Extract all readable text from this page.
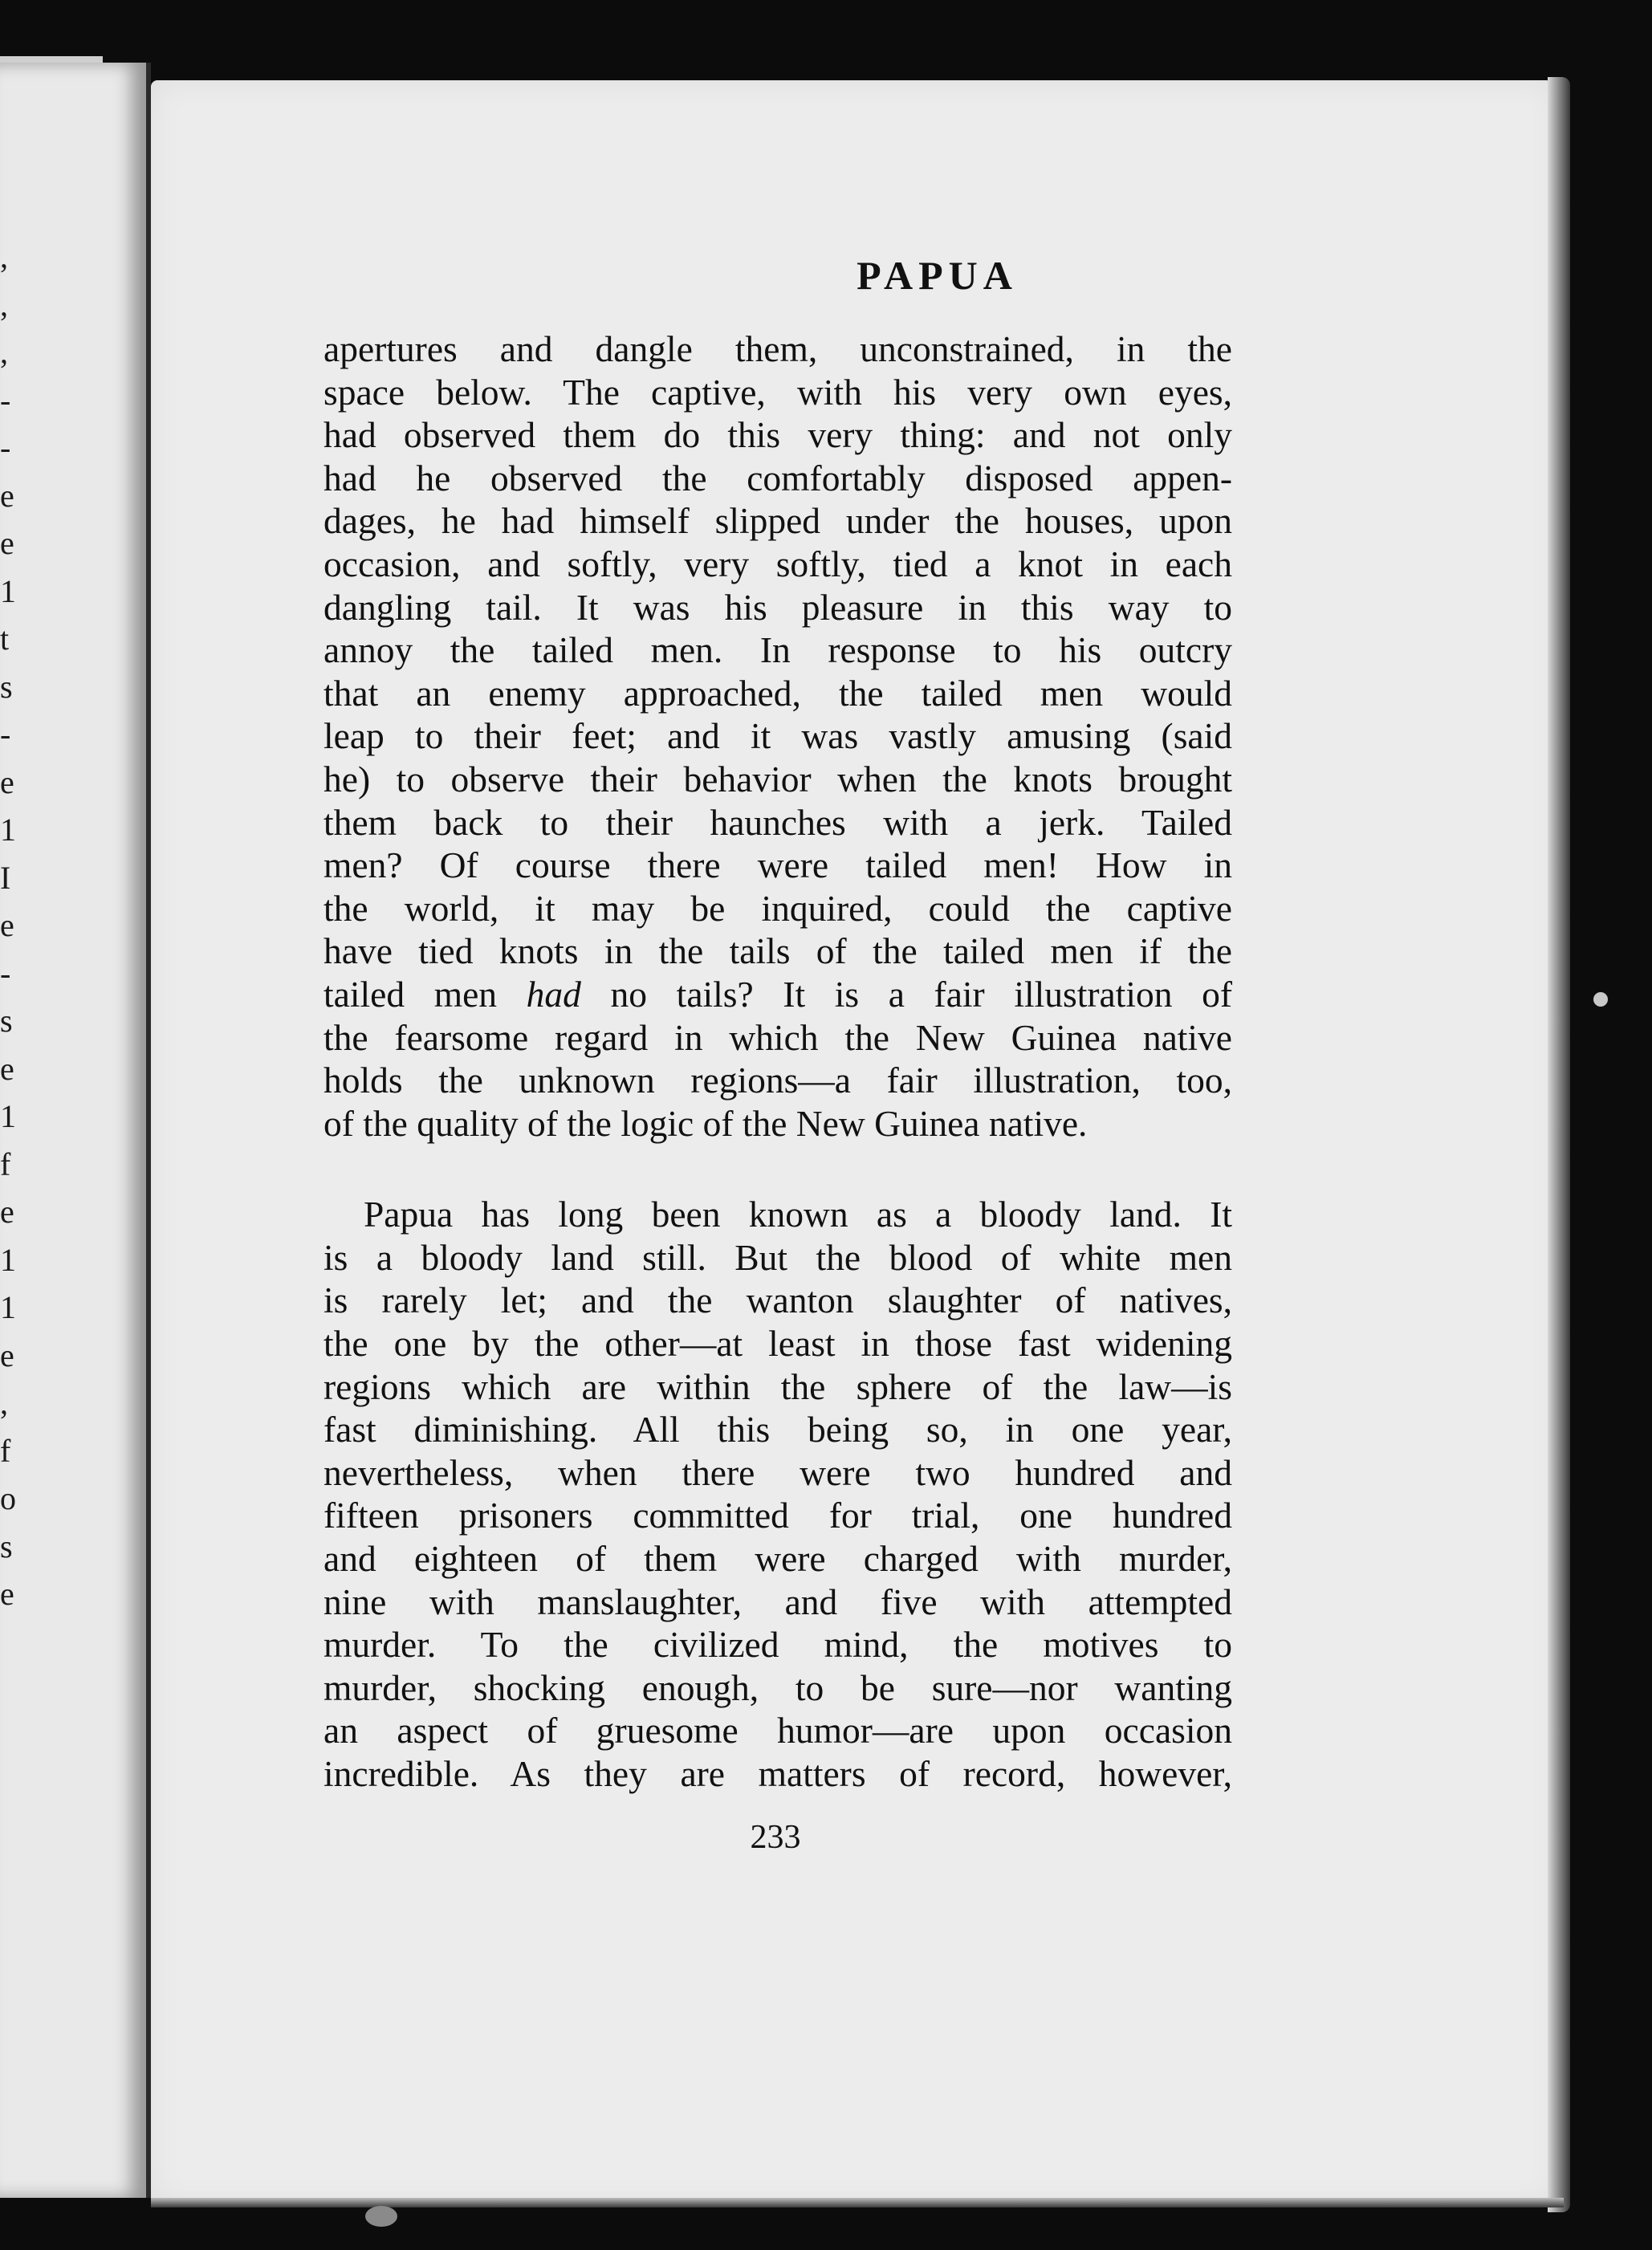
,
,
,
-
-
e
e
1
t
s
-
e
1
I
e
-
s
e
1
f
e
1
1
e
,
f
o
s
e
PAPUA
apertures and dangle them, unconstrained, in the
space below. The captive, with his very own eyes,
had observed them do this very thing: and not only
had he observed the comfortably disposed appen-
dages, he had himself slipped under the houses, upon
occasion, and softly, very softly, tied a knot in each
dangling tail. It was his pleasure in this way to
annoy the tailed men. In response to his outcry
that an enemy approached, the tailed men would
leap to their feet; and it was vastly amusing (said
he) to observe their behavior when the knots brought
them back to their haunches with a jerk. Tailed
men? Of course there were tailed men! How in
the world, it may be inquired, could the captive
have tied knots in the tails of the tailed men if the
tailed men had no tails? It is a fair illustration of
the fearsome regard in which the New Guinea native
holds the unknown regions—a fair illustration, too,
of the quality of the logic of the New Guinea native.
Papua has long been known as a bloody land. It
is a bloody land still. But the blood of white men
is rarely let; and the wanton slaughter of natives,
the one by the other—at least in those fast widening
regions which are within the sphere of the law—is
fast diminishing. All this being so, in one year,
nevertheless, when there were two hundred and
fifteen prisoners committed for trial, one hundred
and eighteen of them were charged with murder,
nine with manslaughter, and five with attempted
murder. To the civilized mind, the motives to
murder, shocking enough, to be sure—nor wanting
an aspect of gruesome humor—are upon occasion
incredible. As they are matters of record, however,
233
